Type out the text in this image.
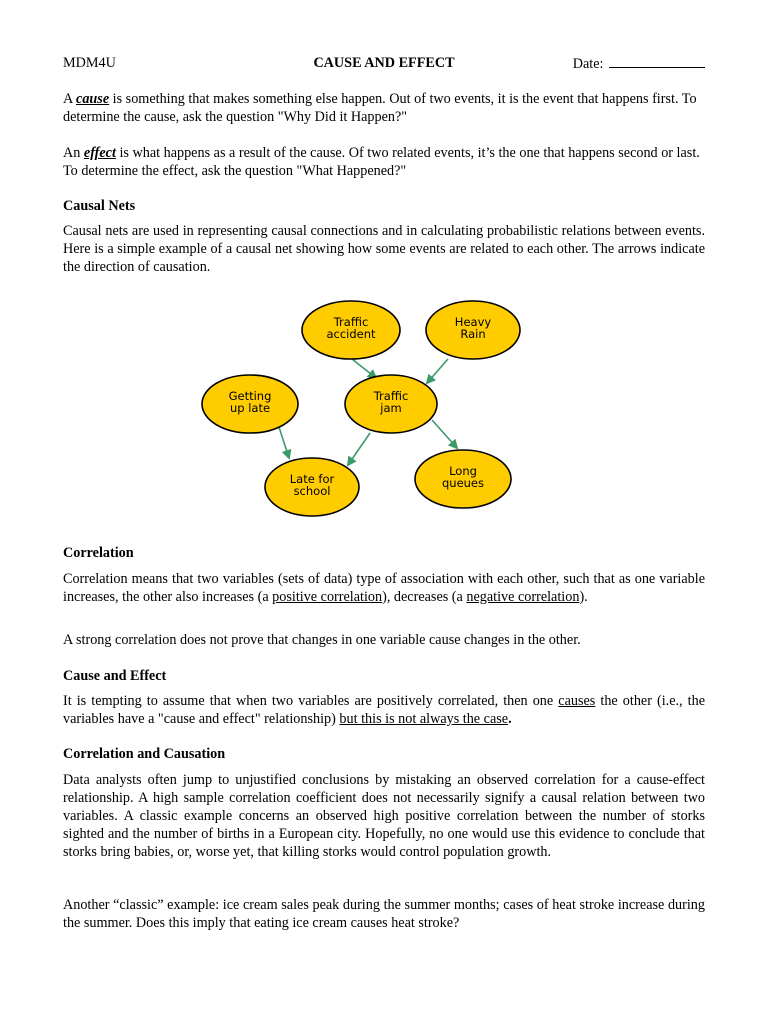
MDM4U	CAUSE AND EFFECT	Date:

A cause is something that makes something else happen. Out of two events, it is the event that happens first. To determine the cause, ask the question "Why Did it Happen?"

An effect is what happens as a result of the cause. Of two related events, it’s the one that happens second or last. To determine the effect, ask the question "What Happened?"

Causal Nets

Causal nets are used in representing causal connections and in calculating probabilistic relations between events. Here is a simple example of a causal net showing how some events are related to each other. The arrows indicate the direction of causation.

Traffic
accident
Heavy
Rain
Getting
up late
Traffic
jam
Late for
school
Long
queues
Correlation

Correlation means that two variables (sets of data) type of association with each other, such that as one variable increases, the other also increases (a positive correlation), decreases (a negative correlation).

A strong correlation does not prove that changes in one variable cause changes in the other.

Cause and Effect

It is tempting to assume that when two variables are positively correlated, then one causes the other (i.e., the variables have a "cause and effect" relationship) but this is not always the case.

Correlation and Causation

Data analysts often jump to unjustified conclusions by mistaking an observed correlation for a cause-effect relationship. A high sample correlation coefficient does not necessarily signify a causal relation between two variables. A classic example concerns an observed high positive correlation between the number of storks sighted and the number of births in a European city. Hopefully, no one would use this evidence to conclude that storks bring babies, or, worse yet, that killing storks would control population growth.

Another “classic” example: ice cream sales peak during the summer months; cases of heat stroke increase during the summer. Does this imply that eating ice cream causes heat stroke?
